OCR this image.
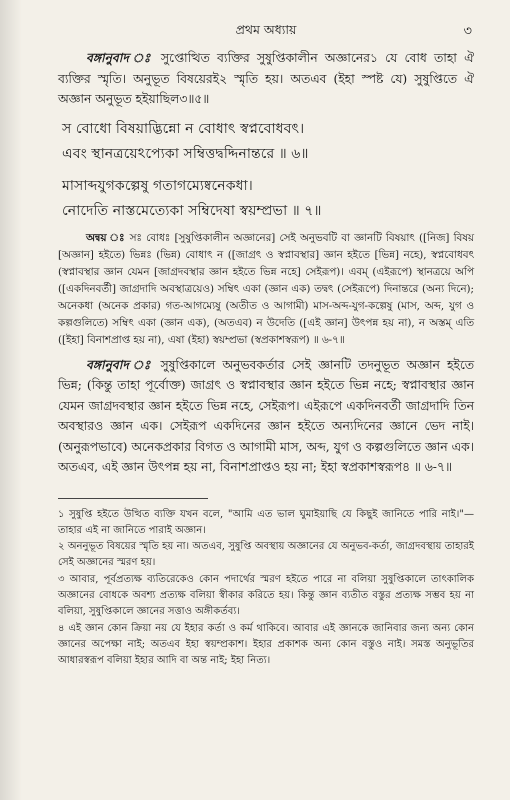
প্রথম অধ্যায়	৩

বঙ্গানুবাদ ঃ সুপ্তোত্থিত ব্যক্তির সুষুপ্তিকালীন অজ্ঞানের১ যে বোধ তাহা ঐ ব্যক্তির স্মৃতি। অনুভূত বিষয়েরই২ স্মৃতি হয়। অতএব (ইহা স্পষ্ট যে) সুষুপ্তিতে ঐ অজ্ঞান অনুভূত হইয়াছিল৩॥৫॥

স বোধো বিষয়াদ্ভিন্নো ন বোধাৎ স্বপ্নবোধবৎ।
এবং স্থানত্রয়েঽপ্যেকা সম্বিত্তদ্বদ্দিনান্তরে ॥ ৬॥

মাসাব্দযুগকল্পেষু গতাগম্যেষ্বনেকধা।
নোদেতি নাস্তমেত্যেকা সম্বিদেষা স্বয়ম্প্রভা ॥ ৭॥

অন্বয় ঃ সঃ বোধঃ [সুষুপ্তিকালীন অজ্ঞানের] সেই অনুভবটি বা জ্ঞানটি বিষয়াৎ ([নিজ] বিষয় [অজ্ঞান] হইতে) ভিন্নঃ (ভিন্ন) বোধাৎ ন ([জাগ্রৎ ও স্বপ্নাবস্থার] জ্ঞান হইতে [ভিন্ন] নহে), স্বপ্নবোধবৎ (স্বপ্নাবস্থার জ্ঞান যেমন [জাগ্রদবস্থার জ্ঞান হইতে ভিন্ন নহে] সেইরূপ)। এবম্ (এইরূপে) স্থানত্রয়ে অপি ([একদিনবর্তী] জাগ্রদাদি অবস্থাত্রয়েও) সম্বিৎ একা (জ্ঞান এক) তদ্বৎ (সেইরূপে) দিনান্তরে (অন্য দিনে); অনেকধা (অনেক প্রকার) গত-আগম্যেষু (অতীত ও আগামী) মাস-অব্দ-যুগ-কল্পেষু (মাস, অব্দ, যুগ ও কল্পগুলিতে) সম্বিৎ একা (জ্ঞান এক), (অতএব) ন উদেতি ([এই জ্ঞান] উৎপন্ন হয় না), ন অস্তম্ এতি ([ইহা] বিনাশপ্রাপ্ত হয় না), এষা (ইহা) স্বয়ম্প্রভা (স্বপ্রকাশস্বরূপ) ॥ ৬-৭॥

বঙ্গানুবাদ ঃ সুষুপ্তিকালে অনুভবকর্তার সেই জ্ঞানটি তদনুভূত অজ্ঞান হইতে ভিন্ন; (কিন্তু তাহা পূর্বোক্ত) জাগ্রৎ ও স্বপ্নাবস্থার জ্ঞান হইতে ভিন্ন নহে; স্বপ্নাবস্থার জ্ঞান যেমন জাগ্রদবস্থার জ্ঞান হইতে ভিন্ন নহে, সেইরূপ। এইরূপে একদিনবর্তী জাগ্রদাদি তিন অবস্থারও জ্ঞান এক। সেইরূপ একদিনের জ্ঞান হইতে অন্যদিনের জ্ঞানে ভেদ নাই। (অনুরূপভাবে) অনেকপ্রকার বিগত ও আগামী মাস, অব্দ, যুগ ও কল্পগুলিতে জ্ঞান এক। অতএব, এই জ্ঞান উৎপন্ন হয় না, বিনাশপ্রাপ্তও হয় না; ইহা স্বপ্রকাশস্বরূপ৪ ॥ ৬-৭॥

১ সুষুপ্তি হইতে উত্থিত ব্যক্তি যখন বলে, "আমি এত ভাল ঘুমাইয়াছি যে কিছুই জানিতে পারি নাই।"—তাহার এই না জানিতে পারাই অজ্ঞান।

২ অননুভূত বিষয়ের স্মৃতি হয় না। অতএব, সুষুপ্তি অবস্থায় অজ্ঞানের যে অনুভব-কর্তা, জাগ্রদবস্থায় তাহারই সেই অজ্ঞানের স্মরণ হয়।

৩ আবার, পূর্বপ্রত্যক্ষ ব্যতিরেকেও কোন পদার্থের স্মরণ হইতে পারে না বলিয়া সুষুপ্তিকালে তাৎকালিক অজ্ঞানের বোধকে অবশ্য প্রত্যক্ষ বলিয়া স্বীকার করিতে হয়। কিন্তু জ্ঞান ব্যতীত বস্তুর প্রত্যক্ষ সম্ভব হয় না বলিয়া, সুষুপ্তিকালে জ্ঞানের সত্তাও অঙ্গীকর্তব্য।

৪ এই জ্ঞান কোন ক্রিয়া নয় যে ইহার কর্তা ও কর্ম থাকিবে। আবার এই জ্ঞানকে জানিবার জন্য অন্য কোন জ্ঞানের অপেক্ষা নাই; অতএব ইহা স্বয়ম্প্রকাশ। ইহার প্রকাশক অন্য কোন বস্তুও নাই। সমস্ত অনুভূতির আধারস্বরূপ বলিয়া ইহার আদি বা অন্ত নাই; ইহা নিত্য।
